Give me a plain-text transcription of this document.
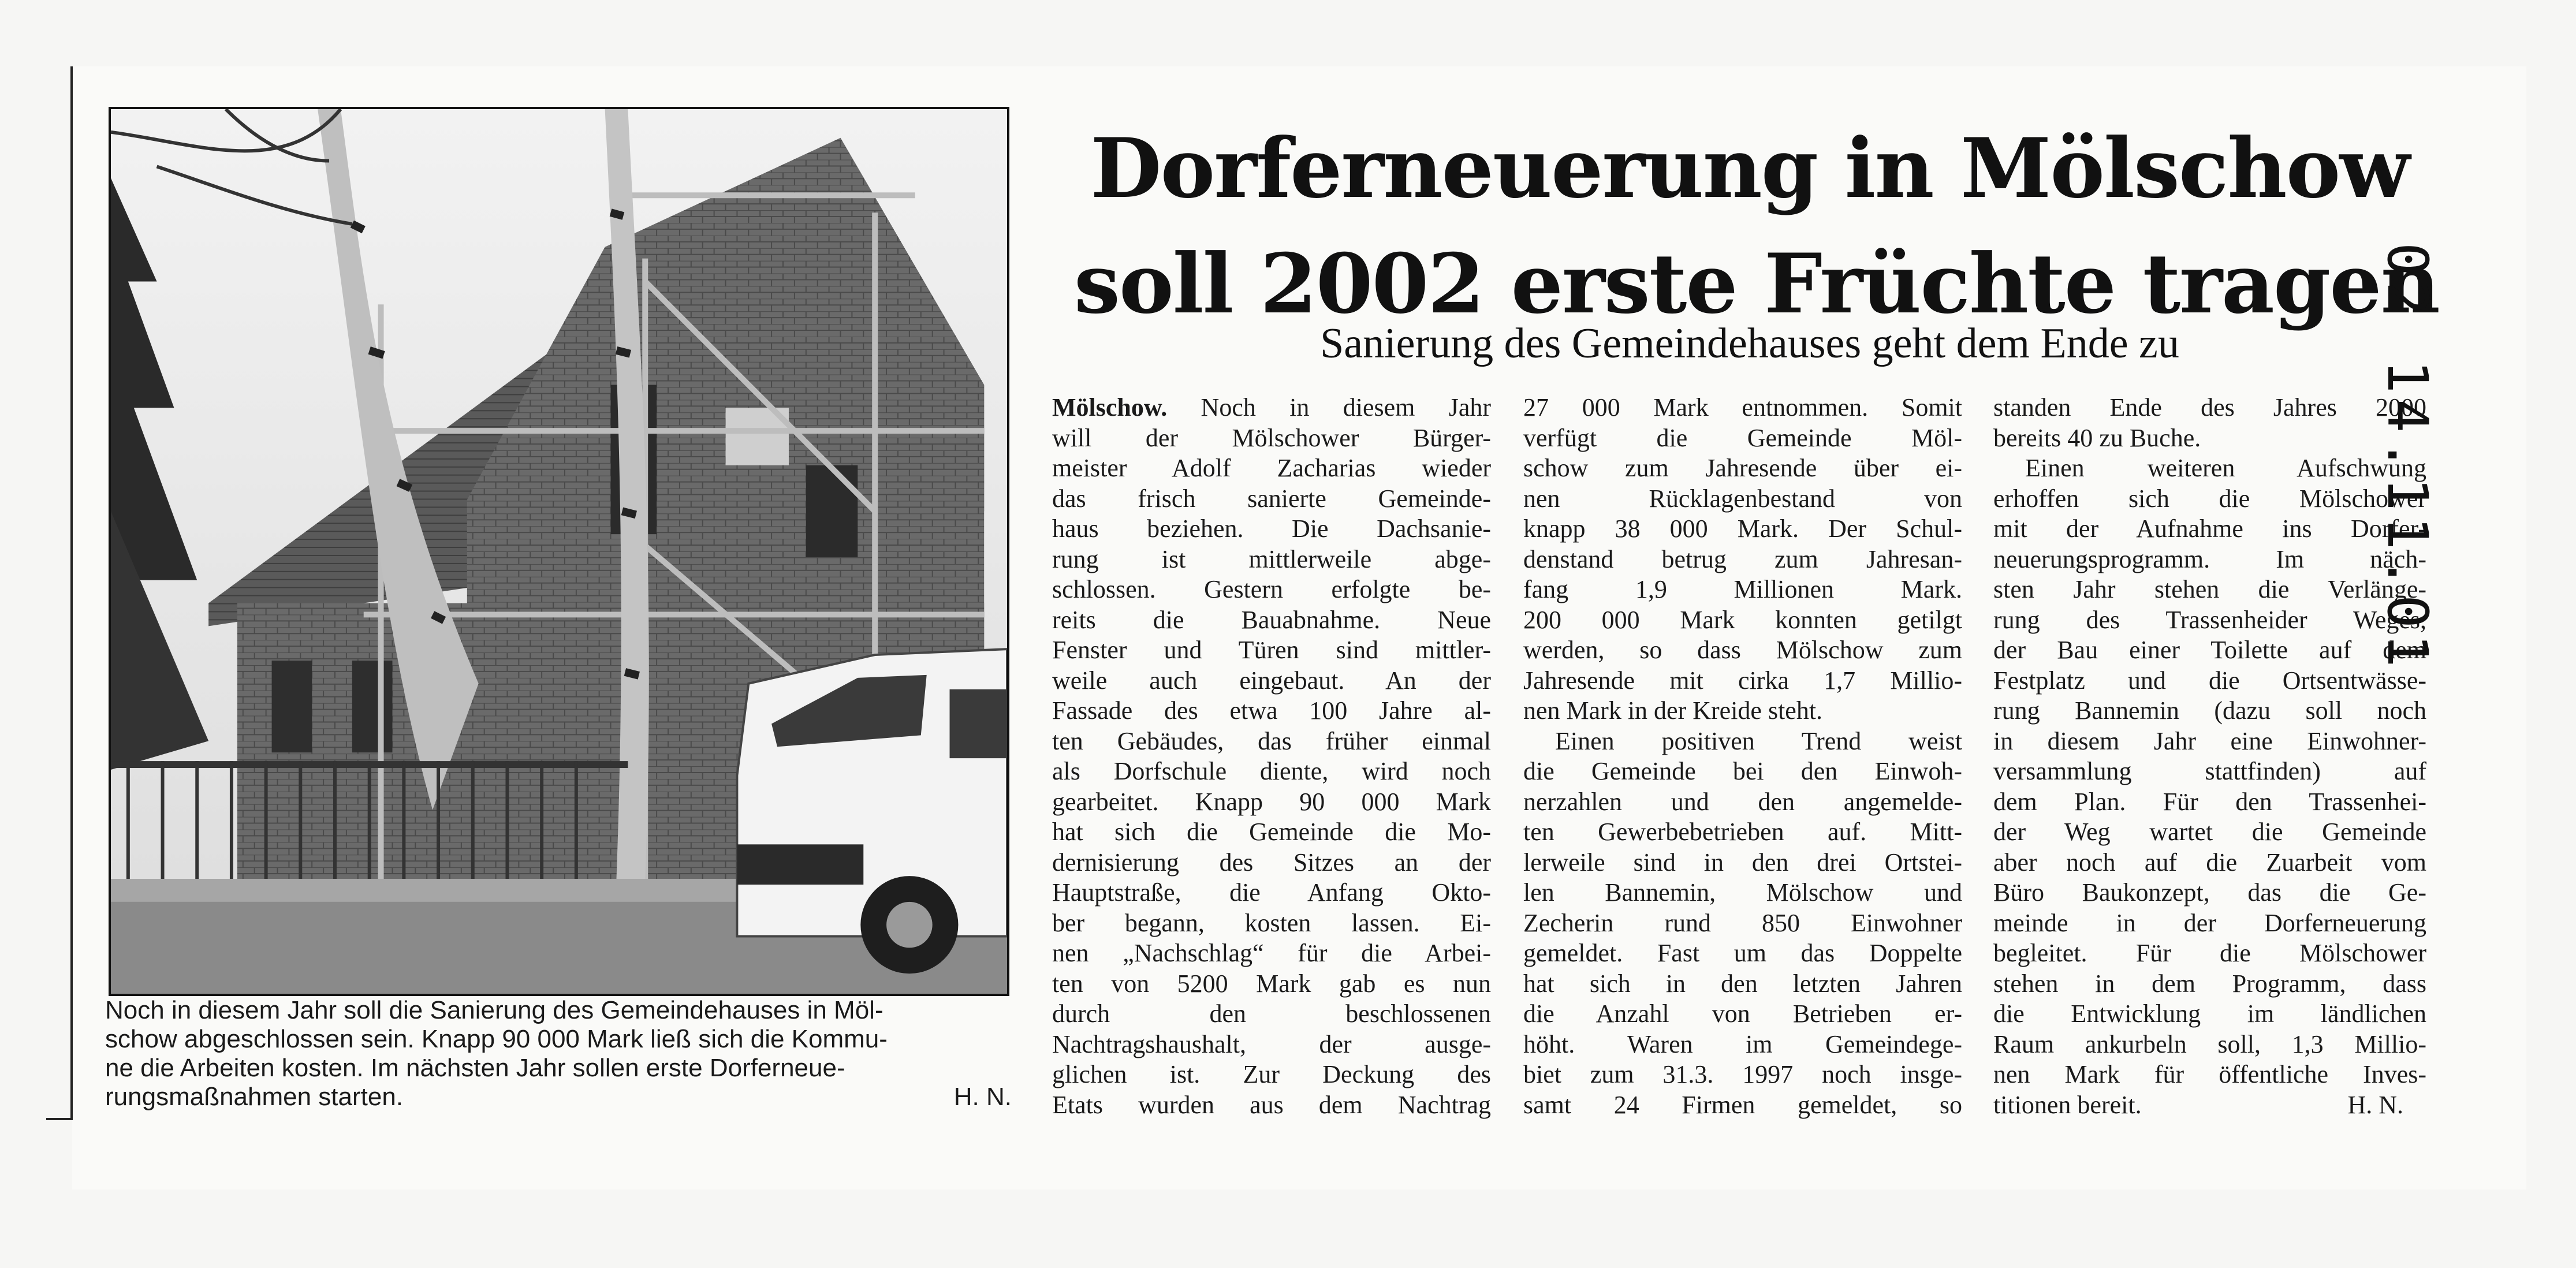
Noch in diesem Jahr soll die Sanierung des Gemeindehauses in Möl-
schow abgeschlossen sein. Knapp 90 000 Mark ließ sich die Kommu-
ne die Arbeiten kosten. Im nächsten Jahr sollen erste Dorferneue-
rungsmaßnahmen starten.	H. N.

Dorferneuerung in Mölschow
soll 2002 erste Früchte tragen
Sanierung des Gemeindehauses geht dem Ende zu
Mölschow. Noch in diesem Jahr
will der Mölschower Bürger-
meister Adolf Zacharias wieder
das frisch sanierte Gemeinde-
haus beziehen. Die Dachsanie-
rung ist mittlerweile abge-
schlossen. Gestern erfolgte be-
reits die Bauabnahme. Neue
Fenster und Türen sind mittler-
weile auch eingebaut. An der
Fassade des etwa 100 Jahre al-
ten Gebäudes, das früher einmal
als Dorfschule diente, wird noch
gearbeitet. Knapp 90 000 Mark
hat sich die Gemeinde die Mo-
dernisierung des Sitzes an der
Hauptstraße, die Anfang Okto-
ber begann, kosten lassen. Ei-
nen „Nachschlag“ für die Arbei-
ten von 5200 Mark gab es nun
durch den beschlossenen
Nachtragshaushalt, der ausge-
glichen ist. Zur Deckung des
Etats wurden aus dem Nachtrag
27 000 Mark entnommen. Somit
verfügt die Gemeinde Möl-
schow zum Jahresende über ei-
nen Rücklagenbestand von
knapp 38 000 Mark. Der Schul-
denstand betrug zum Jahresan-
fang 1,9 Millionen Mark.
200 000 Mark konnten getilgt
werden, so dass Mölschow zum
Jahresende mit cirka 1,7 Millio-
nen Mark in der Kreide steht.
Einen positiven Trend weist
die Gemeinde bei den Einwoh-
nerzahlen und den angemelde-
ten Gewerbebetrieben auf. Mitt-
lerweile sind in den drei Ortstei-
len Bannemin, Mölschow und
Zecherin rund 850 Einwohner
gemeldet. Fast um das Doppelte
hat sich in den letzten Jahren
die Anzahl von Betrieben er-
höht. Waren im Gemeindege-
biet zum 31.3. 1997 noch insge-
samt 24 Firmen gemeldet, so
standen Ende des Jahres 2000
bereits 40 zu Buche.
Einen weiteren Aufschwung
erhoffen sich die Mölschower
mit der Aufnahme ins Dorfer-
neuerungsprogramm. Im näch-
sten Jahr stehen die Verlänge-
rung des Trassenheider Weges,
der Bau einer Toilette auf dem
Festplatz und die Ortsentwässe-
rung Bannemin (dazu soll noch
in diesem Jahr eine Einwohner-
versammlung stattfinden) auf
dem Plan. Für den Trassenhei-
der Weg wartet die Gemeinde
aber noch auf die Zuarbeit vom
Büro Baukonzept, das die Ge-
meinde in der Dorferneuerung
begleitet. Für die Mölschower
stehen in dem Programm, dass
die Entwicklung im ländlichen
Raum ankurbeln soll, 1,3 Millio-
nen Mark für öffentliche Inves-
titionen bereit.	H. N.
02 14.11.01
